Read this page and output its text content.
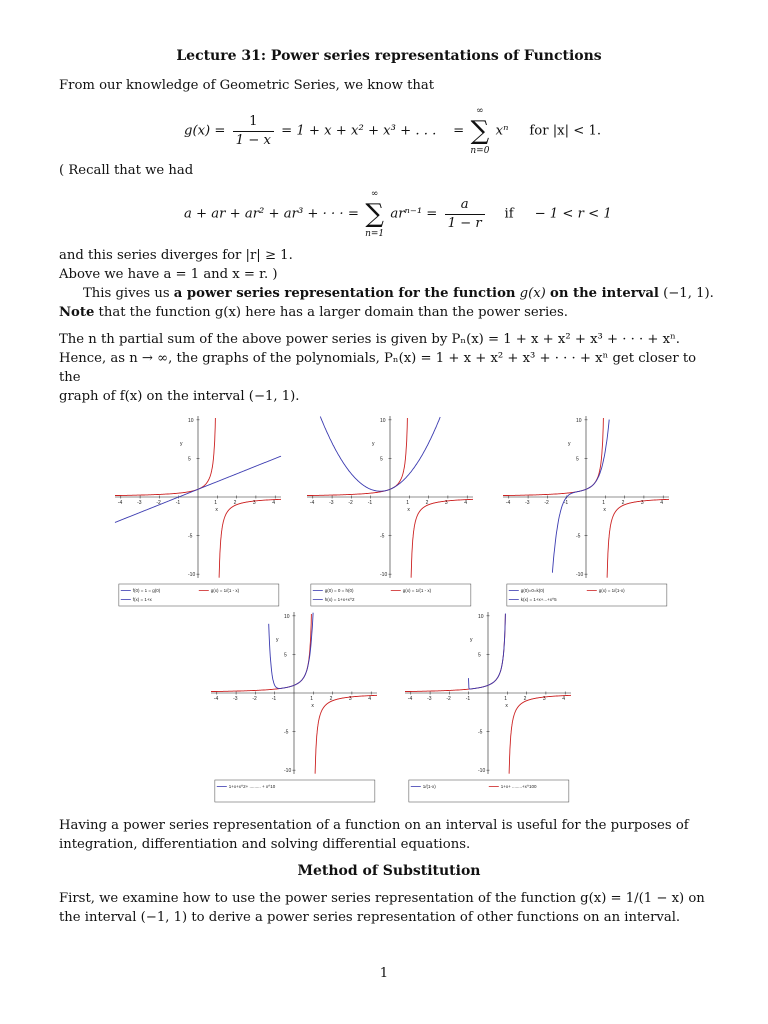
Lecture 31: Power series representations of Functions

From our knowledge of Geometric Series, we know that

$g(x) = \frac{1}{1 - x} = 1 + x + x^2 + x^3$ + . . . =
∞
∑
n=0
xⁿ for |x| < 1.

( Recall that we had

a + ar + ar² + ar³ + · · · =
∞
∑
n=1
$ar^{n-1} = \frac{a}{1 - r}$ if − 1 < r < 1

and this series diverges for |r| ≥ 1.

Above we have a = 1 and x = r. )

This gives us a power series representation for the function g(x) on the interval (−1, 1).

Note that the function g(x) here has a larger domain than the power series.

The n th partial sum of the above power series is given by Pₙ(x) = 1 + x + x² + x³ + · · · + xⁿ.

Hence, as n → ∞, the graphs of the polynomials, Pₙ(x) = 1 + x + x² + x³ + · · · + xⁿ get closer to the

graph of f(x) on the interval (−1, 1).

-4	-3	-2	-1	1	2	3	4
10
5
-5
-10
y
x
f(0) = 1 = g(0)	g(x) = 1/(1 - x)
f(x) = 1+x
-4	-3	-2	-1	1	2	3	4
10
5
-5
-10
y
x
g(0) = 0 = h(0)	g(x) = 1/(1 - x)
h(x) = 1+x+x^2
-4	-3	-2	-1	1	2	3	4
10
5
-5
-10
y
x
g(0)=0=k(0)	g(x) = 1/(1-x)
k(x) = 1+x+...+x^5
-4	-3	-2	-1	1	2	3	4
10
5
-5
-10
y
x
1+x+x^2+ ......... + x^10
-4	-3	-2	-1	1	2	3	4
10
5
-5
-10
y
x
1/(1-x)	1+x+ ........+x^100

Having a power series representation of a function on an interval is useful for the purposes of integration, differentiation and solving differential equations.

Method of Substitution

First, we examine how to use the power series representation of the function g(x) = 1/(1 − x) on the interval (−1, 1) to derive a power series representation of other functions on an interval.

1
